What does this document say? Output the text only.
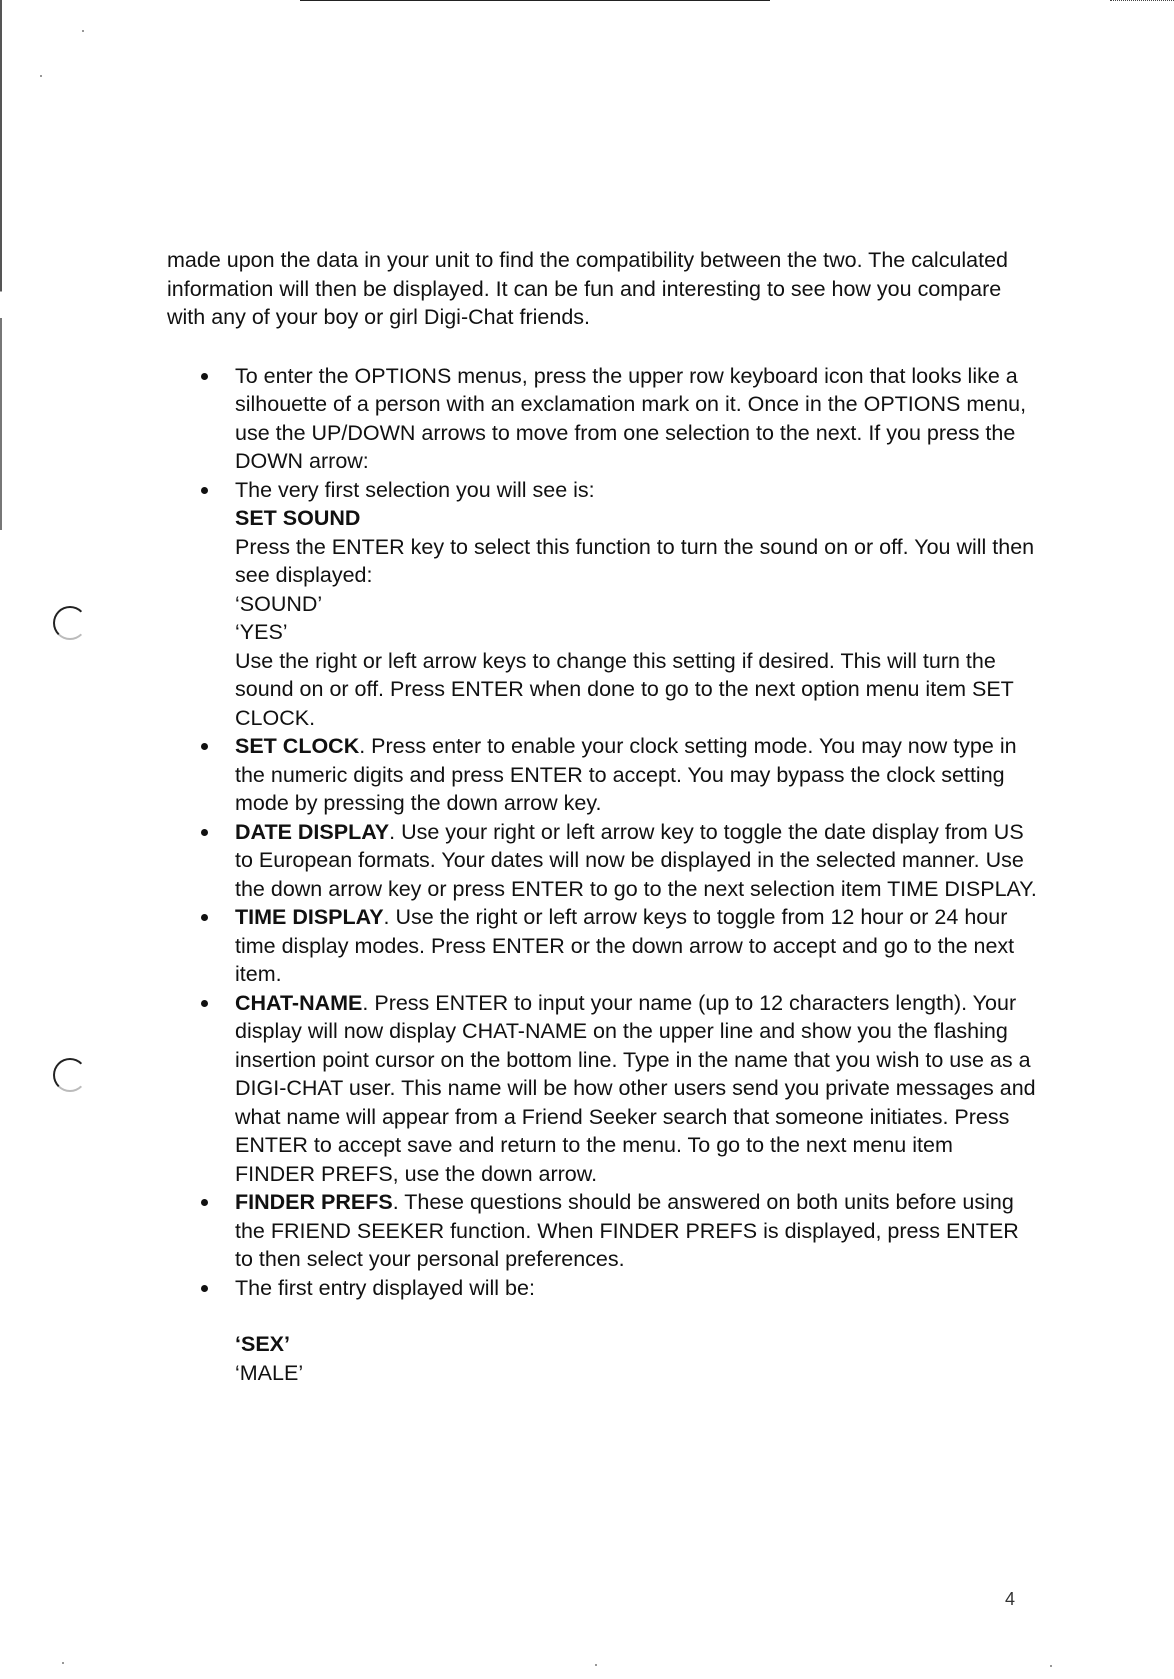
made upon the data in your unit to find the compatibility between the two. The calculated information will then be displayed. It can be fun and interesting to see how you compare with any of your boy or girl Digi-Chat friends.

To enter the OPTIONS menus, press the upper row keyboard icon that looks like a silhouette of a person with an exclamation mark on it. Once in the OPTIONS menu, use the UP/DOWN arrows to move from one selection to the next. If you press the DOWN arrow:
The very first selection you will see is:
SET SOUND
Press the ENTER key to select this function to turn the sound on or off. You will then see displayed:
‘SOUND’
‘YES’
Use the right or left arrow keys to change this setting if desired. This will turn the sound on or off. Press ENTER when done to go to the next option menu item SET CLOCK.
SET CLOCK. Press enter to enable your clock setting mode. You may now type in the numeric digits and press ENTER to accept. You may bypass the clock setting mode by pressing the down arrow key.
DATE DISPLAY. Use your right or left arrow key to toggle the date display from US to European formats. Your dates will now be displayed in the selected manner. Use the down arrow key or press ENTER to go to the next selection item TIME DISPLAY.
TIME DISPLAY. Use the right or left arrow keys to toggle from 12 hour or 24 hour time display modes. Press ENTER or the down arrow to accept and go to the next item.
CHAT-NAME. Press ENTER to input your name (up to 12 characters length). Your display will now display CHAT-NAME on the upper line and show you the flashing insertion point cursor on the bottom line. Type in the name that you wish to use as a DIGI-CHAT user. This name will be how other users send you private messages and what name will appear from a Friend Seeker search that someone initiates. Press ENTER to accept save and return to the menu. To go to the next menu item FINDER PREFS, use the down arrow.
FINDER PREFS. These questions should be answered on both units before using the FRIEND SEEKER function. When FINDER PREFS is displayed, press ENTER to then select your personal preferences.
The first entry displayed will be:
‘SEX’
‘MALE’
4
